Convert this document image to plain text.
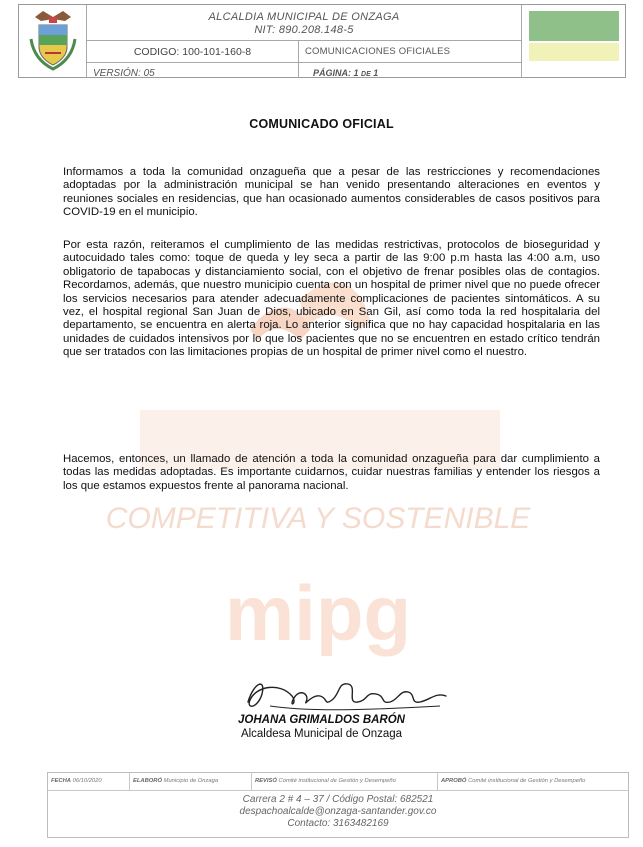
COMPETITIVA Y SOSTENIBLE
mipg
ALCALDIA MUNICIPAL DE ONZAGA
NIT: 890.208.148-5
CODIGO: 100-101-160-8	COMUNICACIONES OFICIALES
VERSIÓN: 05	PÁGINA: 1 DE 1
COMUNICADO OFICIAL

Informamos a toda la comunidad onzagueña que a pesar de las restricciones y recomendaciones adoptadas por la administración municipal se han venido presentando alteraciones en eventos y reuniones sociales en residencias, que han ocasionado aumentos considerables de casos positivos para COVID-19 en el municipio.

Por esta razón, reiteramos el cumplimiento de las medidas restrictivas, protocolos de bioseguridad y autocuidado tales como: toque de queda y ley seca a partir de las 9:00 p.m hasta las 4:00 a.m, uso obligatorio de tapabocas y distanciamiento social, con el objetivo de frenar posibles olas de contagios. Recordamos, además, que nuestro municipio cuenta con un hospital de primer nivel que no puede ofrecer los servicios necesarios para atender adecuadamente complicaciones de pacientes sintomáticos. A su vez, el hospital regional San Juan de Dios, ubicado en San Gil, así como toda la red hospitalaria del departamento, se encuentra en alerta roja. Lo anterior significa que no hay capacidad hospitalaria en las unidades de cuidados intensivos por lo que los pacientes que no se encuentren en estado crítico tendrán que ser tratados con las limitaciones propias de un hospital de primer nivel como el nuestro.

Hacemos, entonces, un llamado de atención a toda la comunidad onzagueña para dar cumplimiento a todas las medidas adoptadas. Es importante cuidarnos, cuidar nuestras familias y entender los riesgos a los que estamos expuestos frente al panorama nacional.

JOHANA GRIMALDOS BARÓN
Alcaldesa Municipal de Onzaga
FECHA 06/10/2020	ELABORÓ Municipio de Onzaga	REVISÓ Comité institucional de Gestión y Desempeño	APROBÓ Comité institucional de Gestión y Desempeño
Carrera 2 # 4 – 37 / Código Postal: 682521
despachoalcalde@onzaga-santander.gov.co
Contacto: 3163482169
